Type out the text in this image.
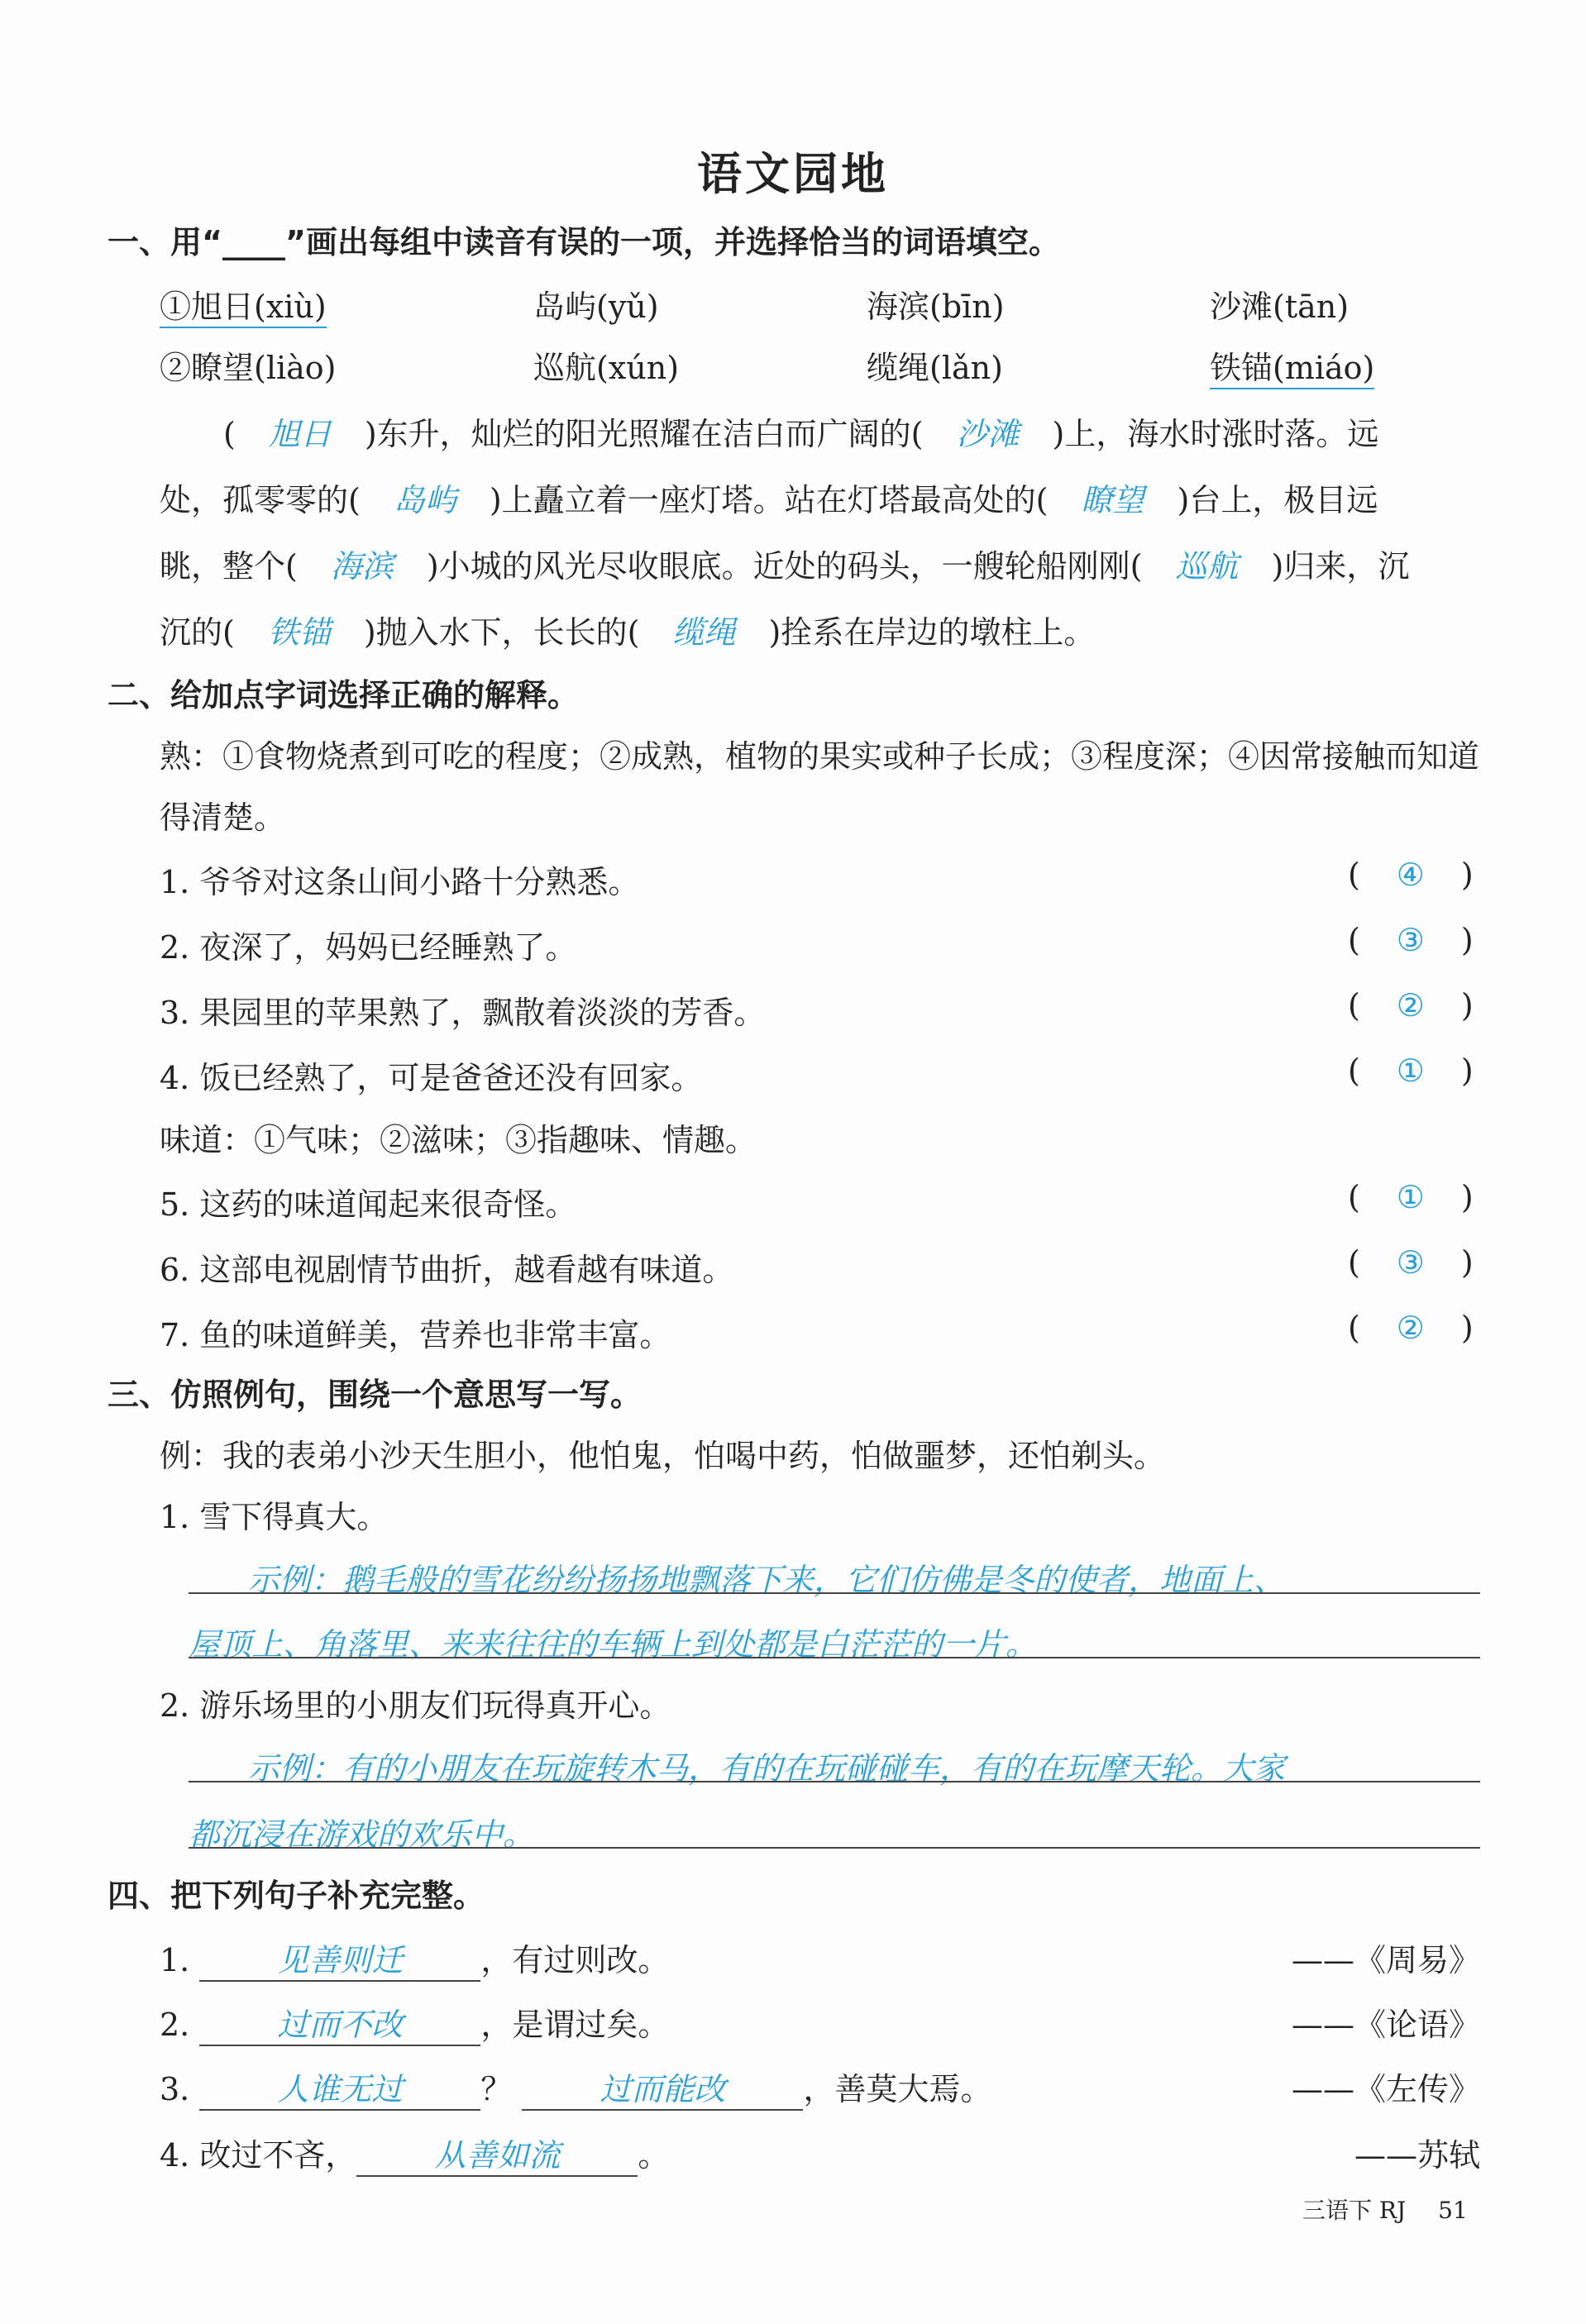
语文园地
一、用“____”画出每组中读音有误的一项，并选择恰当的词语填空。
①旭日(xiù)	岛屿(yǔ)	海滨(bīn)	沙滩(tān)
②瞭望(liào)	巡航(xún)	缆绳(lǎn)	铁锚(miáo)
( 旭日 )东升，灿烂的阳光照耀在洁白而广阔的( 沙滩 )上，海水时涨时落。远
处，孤零零的( 岛屿 )上矗立着一座灯塔。站在灯塔最高处的( 瞭望 )台上，极目远
眺，整个( 海滨 )小城的风光尽收眼底。近处的码头，一艘轮船刚刚( 巡航 )归来，沉
沉的( 铁锚 )抛入水下，长长的( 缆绳 )拴系在岸边的墩柱上。
二、给加点字词选择正确的解释。
熟：①食物烧煮到可吃的程度；②成熟，植物的果实或种子长成；③程度深；④因常接触而知道
得清楚。
1. 爷爷对这条山间小路十分熟悉。	( ④ )
2. 夜深了，妈妈已经睡熟了。	( ③ )
3. 果园里的苹果熟了，飘散着淡淡的芳香。	( ② )
4. 饭已经熟了，可是爸爸还没有回家。	( ① )
味道：①气味；②滋味；③指趣味、情趣。
5. 这药的味道闻起来很奇怪。	( ① )
6. 这部电视剧情节曲折，越看越有味道。	( ③ )
7. 鱼的味道鲜美，营养也非常丰富。	( ② )
三、仿照例句，围绕一个意思写一写。
例：我的表弟小沙天生胆小，他怕鬼，怕喝中药，怕做噩梦，还怕剃头。
1. 雪下得真大。
示例：鹅毛般的雪花纷纷扬扬地飘落下来，它们仿佛是冬的使者，地面上、
屋顶上、角落里、来来往往的车辆上到处都是白茫茫的一片。
2. 游乐场里的小朋友们玩得真开心。
示例：有的小朋友在玩旋转木马，有的在玩碰碰车，有的在玩摩天轮。大家
都沉浸在游戏的欢乐中。
四、把下列句子补充完整。
1.	见善则迁 ，有过则改。	——《周易》
2.	过而不改 ，是谓过矣。	——《论语》
3.	人谁无过 ？	过而能改 ，善莫大焉。	——《左传》
4. 改过不吝， 从善如流 。	——苏轼
三语下 RJ 51
